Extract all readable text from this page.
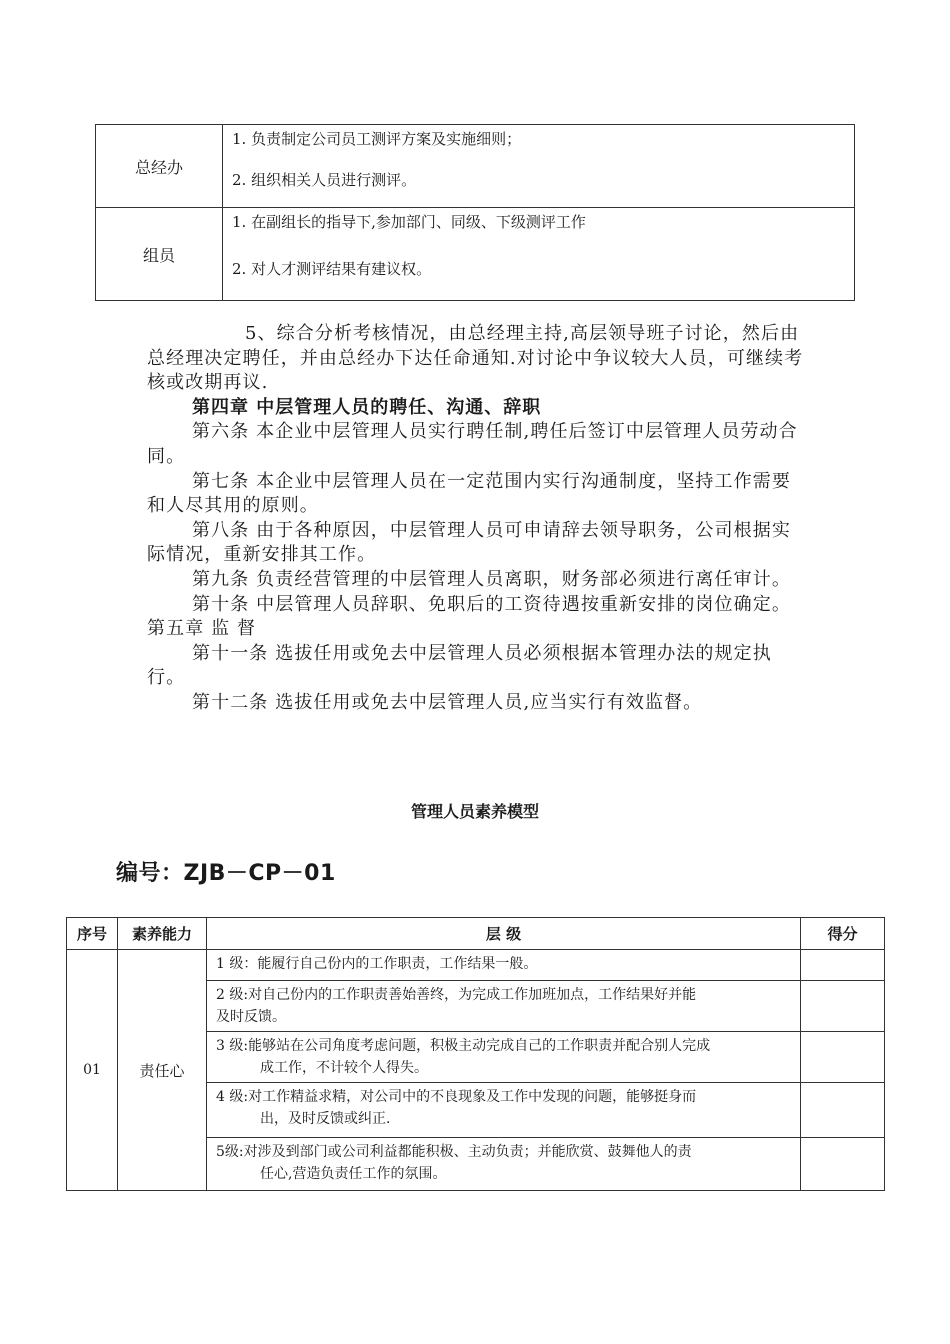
总经办	1. 负责制定公司员工测评方案及实施细则；
2. 组织相关人员进行测评。

组员	1. 在副组长的指导下,参加部门、同级、下级测评工作
2. 对人才测评结果有建议权。

5、综合分析考核情况，由总经理主持,高层领导班子讨论，然后由总经理决定聘任，并由总经办下达任命通知.对讨论中争议较大人员，可继续考核或改期再议.

第四章 中层管理人员的聘任、沟通、辞职

第六条 本企业中层管理人员实行聘任制,聘任后签订中层管理人员劳动合同。

第七条 本企业中层管理人员在一定范围内实行沟通制度，坚持工作需要和人尽其用的原则。

第八条 由于各种原因，中层管理人员可申请辞去领导职务，公司根据实际情况，重新安排其工作。

第九条 负责经营管理的中层管理人员离职，财务部必须进行离任审计。

第十条 中层管理人员辞职、免职后的工资待遇按重新安排的岗位确定。

第五章 监 督

第十一条 选拔任用或免去中层管理人员必须根据本管理办法的规定执行。

第十二条 选拔任用或免去中层管理人员,应当实行有效监督。

管理人员素养模型
编号：ZJB－CP－01
序号	素养能力	层 级	得分
01	责任心	1 级：能履行自己份内的工作职责，工作结果一般。	

		2 级:对自己份内的工作职责善始善终，为完成工作加班加点，工作结果好并能
及时反馈。	

		3 级:能够站在公司角度考虑问题，积极主动完成自己的工作职责并配合别人完成
成工作，不计较个人得失。	

		4 级:对工作精益求精，对公司中的不良现象及工作中发现的问题，能够挺身而
出，及时反馈或纠正.	

		5级:对涉及到部门或公司利益都能积极、主动负责；并能欣赏、鼓舞他人的责
任心,营造负责任工作的氛围。	
